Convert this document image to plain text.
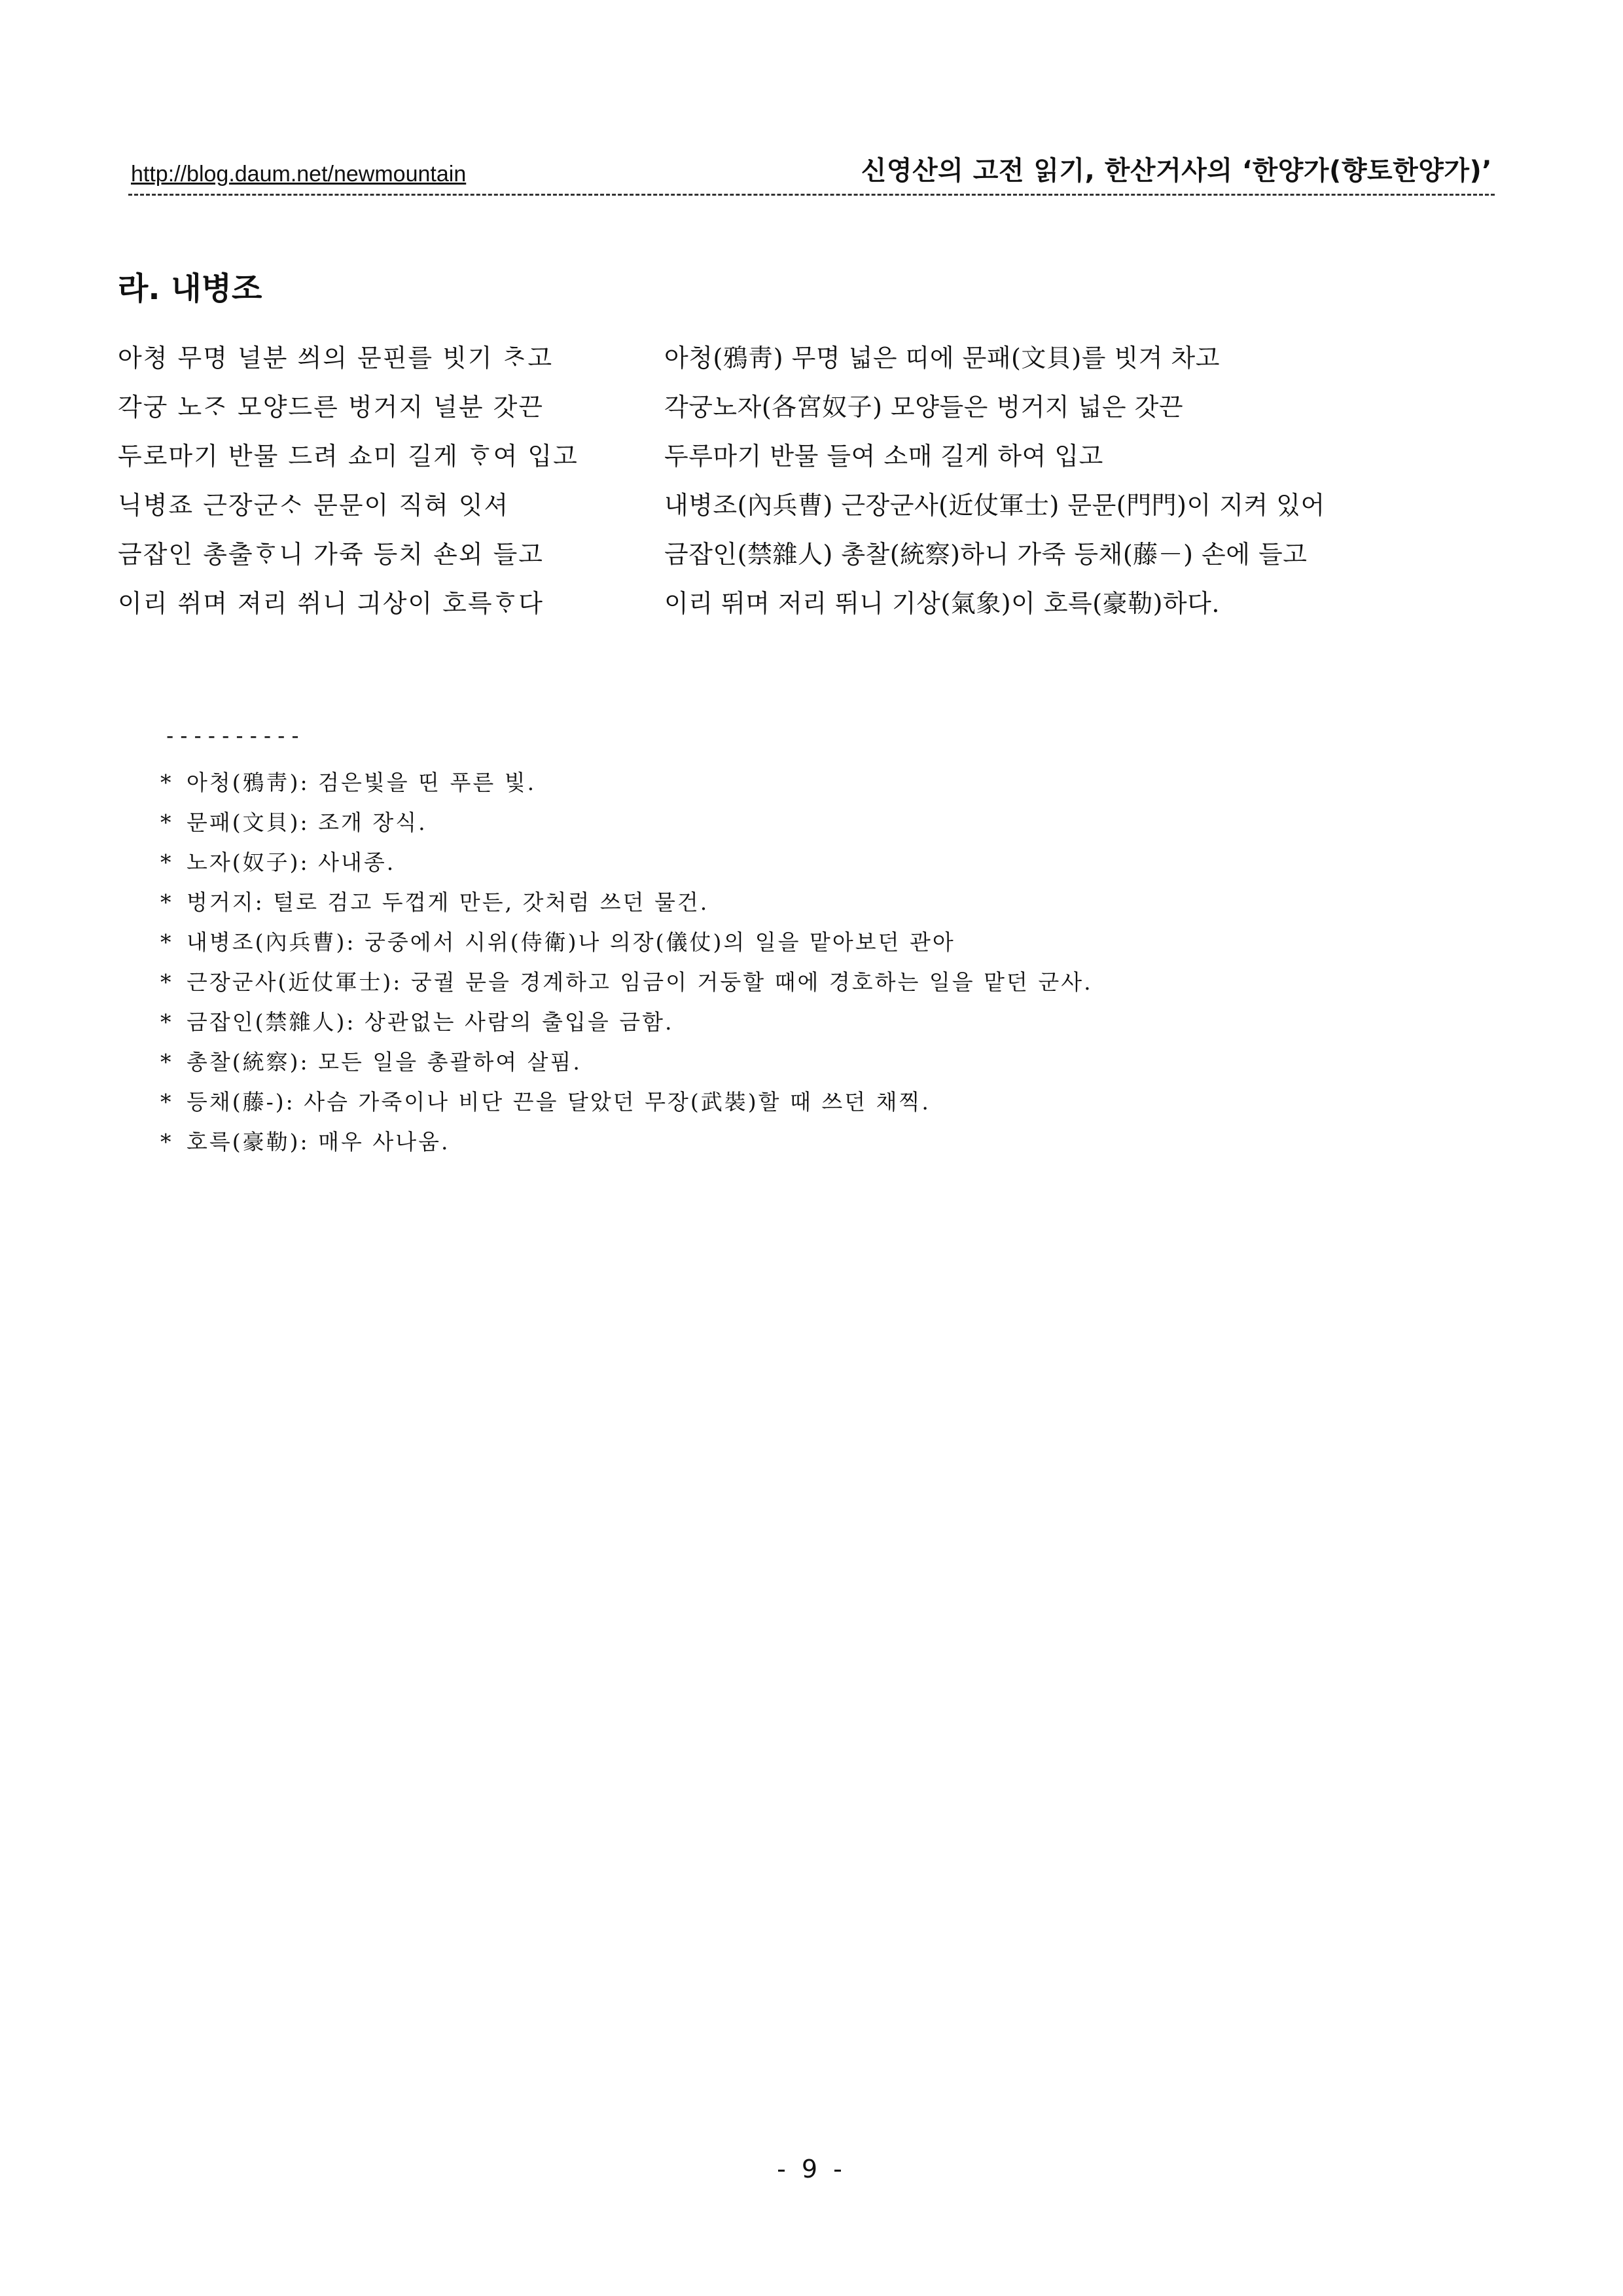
http://blog.daum.net/newmountain	신영산의 고전 읽기, 한산거사의 ‘한양가(향토한양가)’
라. 내병조
아쳥 무명 널분 씌의 문핀를 빗기 ᄎᆞ고
각궁 노ᄌᆞ 모양드른 벙거지 널분 갓끈
두로마기 반물 드려 쇼미 길게 ᄒᆞ여 입고
닉병죠 근장군ᄉᆞ 문문이 직혀 잇셔
금잡인 총출ᄒᆞ니 가쥭 등치 숀외 들고
이리 쒸며 져리 쒸니 긔상이 호륵ᄒᆞ다
아청(鴉靑) 무명 넓은 띠에 문패(文貝)를 빗겨 차고
각궁노자(各宮奴子) 모양들은 벙거지 넓은 갓끈
두루마기 반물 들여 소매 길게 하여 입고
내병조(內兵曹) 근장군사(近仗軍士) 문문(門門)이 지켜 있어
금잡인(禁雜人) 총찰(統察)하니 가죽 등채(藤－) 손에 들고
이리 뛰며 저리 뛰니 기상(氣象)이 호륵(豪勒)하다.
----------
* 아청(鴉靑): 검은빛을 띤 푸른 빛.
* 문패(文貝): 조개 장식.
* 노자(奴子): 사내종.
* 벙거지: 털로 검고 두껍게 만든, 갓처럼 쓰던 물건.
* 내병조(內兵曹): 궁중에서 시위(侍衛)나 의장(儀仗)의 일을 맡아보던 관아
* 근장군사(近仗軍士): 궁궐 문을 경계하고 임금이 거둥할 때에 경호하는 일을 맡던 군사.
* 금잡인(禁雜人): 상관없는 사람의 출입을 금함.
* 총찰(統察): 모든 일을 총괄하여 살핌.
* 등채(藤-): 사슴 가죽이나 비단 끈을 달았던 무장(武裝)할 때 쓰던 채찍.
* 호륵(豪勒): 매우 사나움.
- 9 -
